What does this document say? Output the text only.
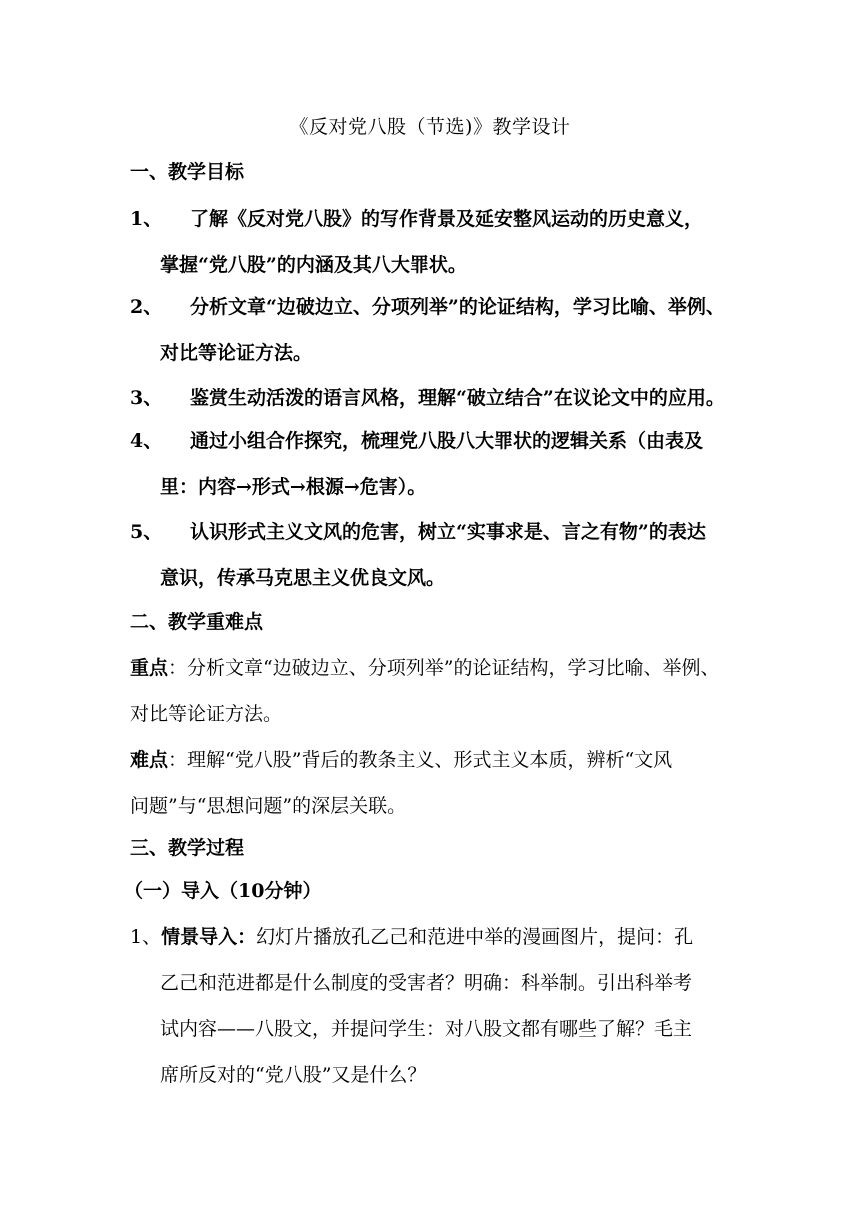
《反对党八股（节选)》教学设计
一、教学目标
1、	了解《反对党八股》的写作背景及延安整风运动的历史意义，
掌握“党八股”的内涵及其八大罪状。
2、	分析文章“边破边立、分项列举”的论证结构，学习比喻、举例、
对比等论证方法。
3、	鉴赏生动活泼的语言风格，理解“破立结合”在议论文中的应用。
4、	通过小组合作探究，梳理党八股八大罪状的逻辑关系（由表及
里：内容→形式→根源→危害）。
5、	认识形式主义文风的危害，树立“实事求是、言之有物”的表达
意识，传承马克思主义优良文风。
二、教学重难点
重点：分析文章“边破边立、分项列举”的论证结构，学习比喻、举例、
对比等论证方法。
难点：理解“党八股”背后的教条主义、形式主义本质，辨析“文风
问题”与“思想问题”的深层关联。
三、教学过程
（一）导入（10分钟）
1、情景导入：幻灯片播放孔乙己和范进中举的漫画图片，提问：孔
乙己和范进都是什么制度的受害者？明确：科举制。引出科举考
试内容——八股文，并提问学生：对八股文都有哪些了解？毛主
席所反对的“党八股”又是什么？
